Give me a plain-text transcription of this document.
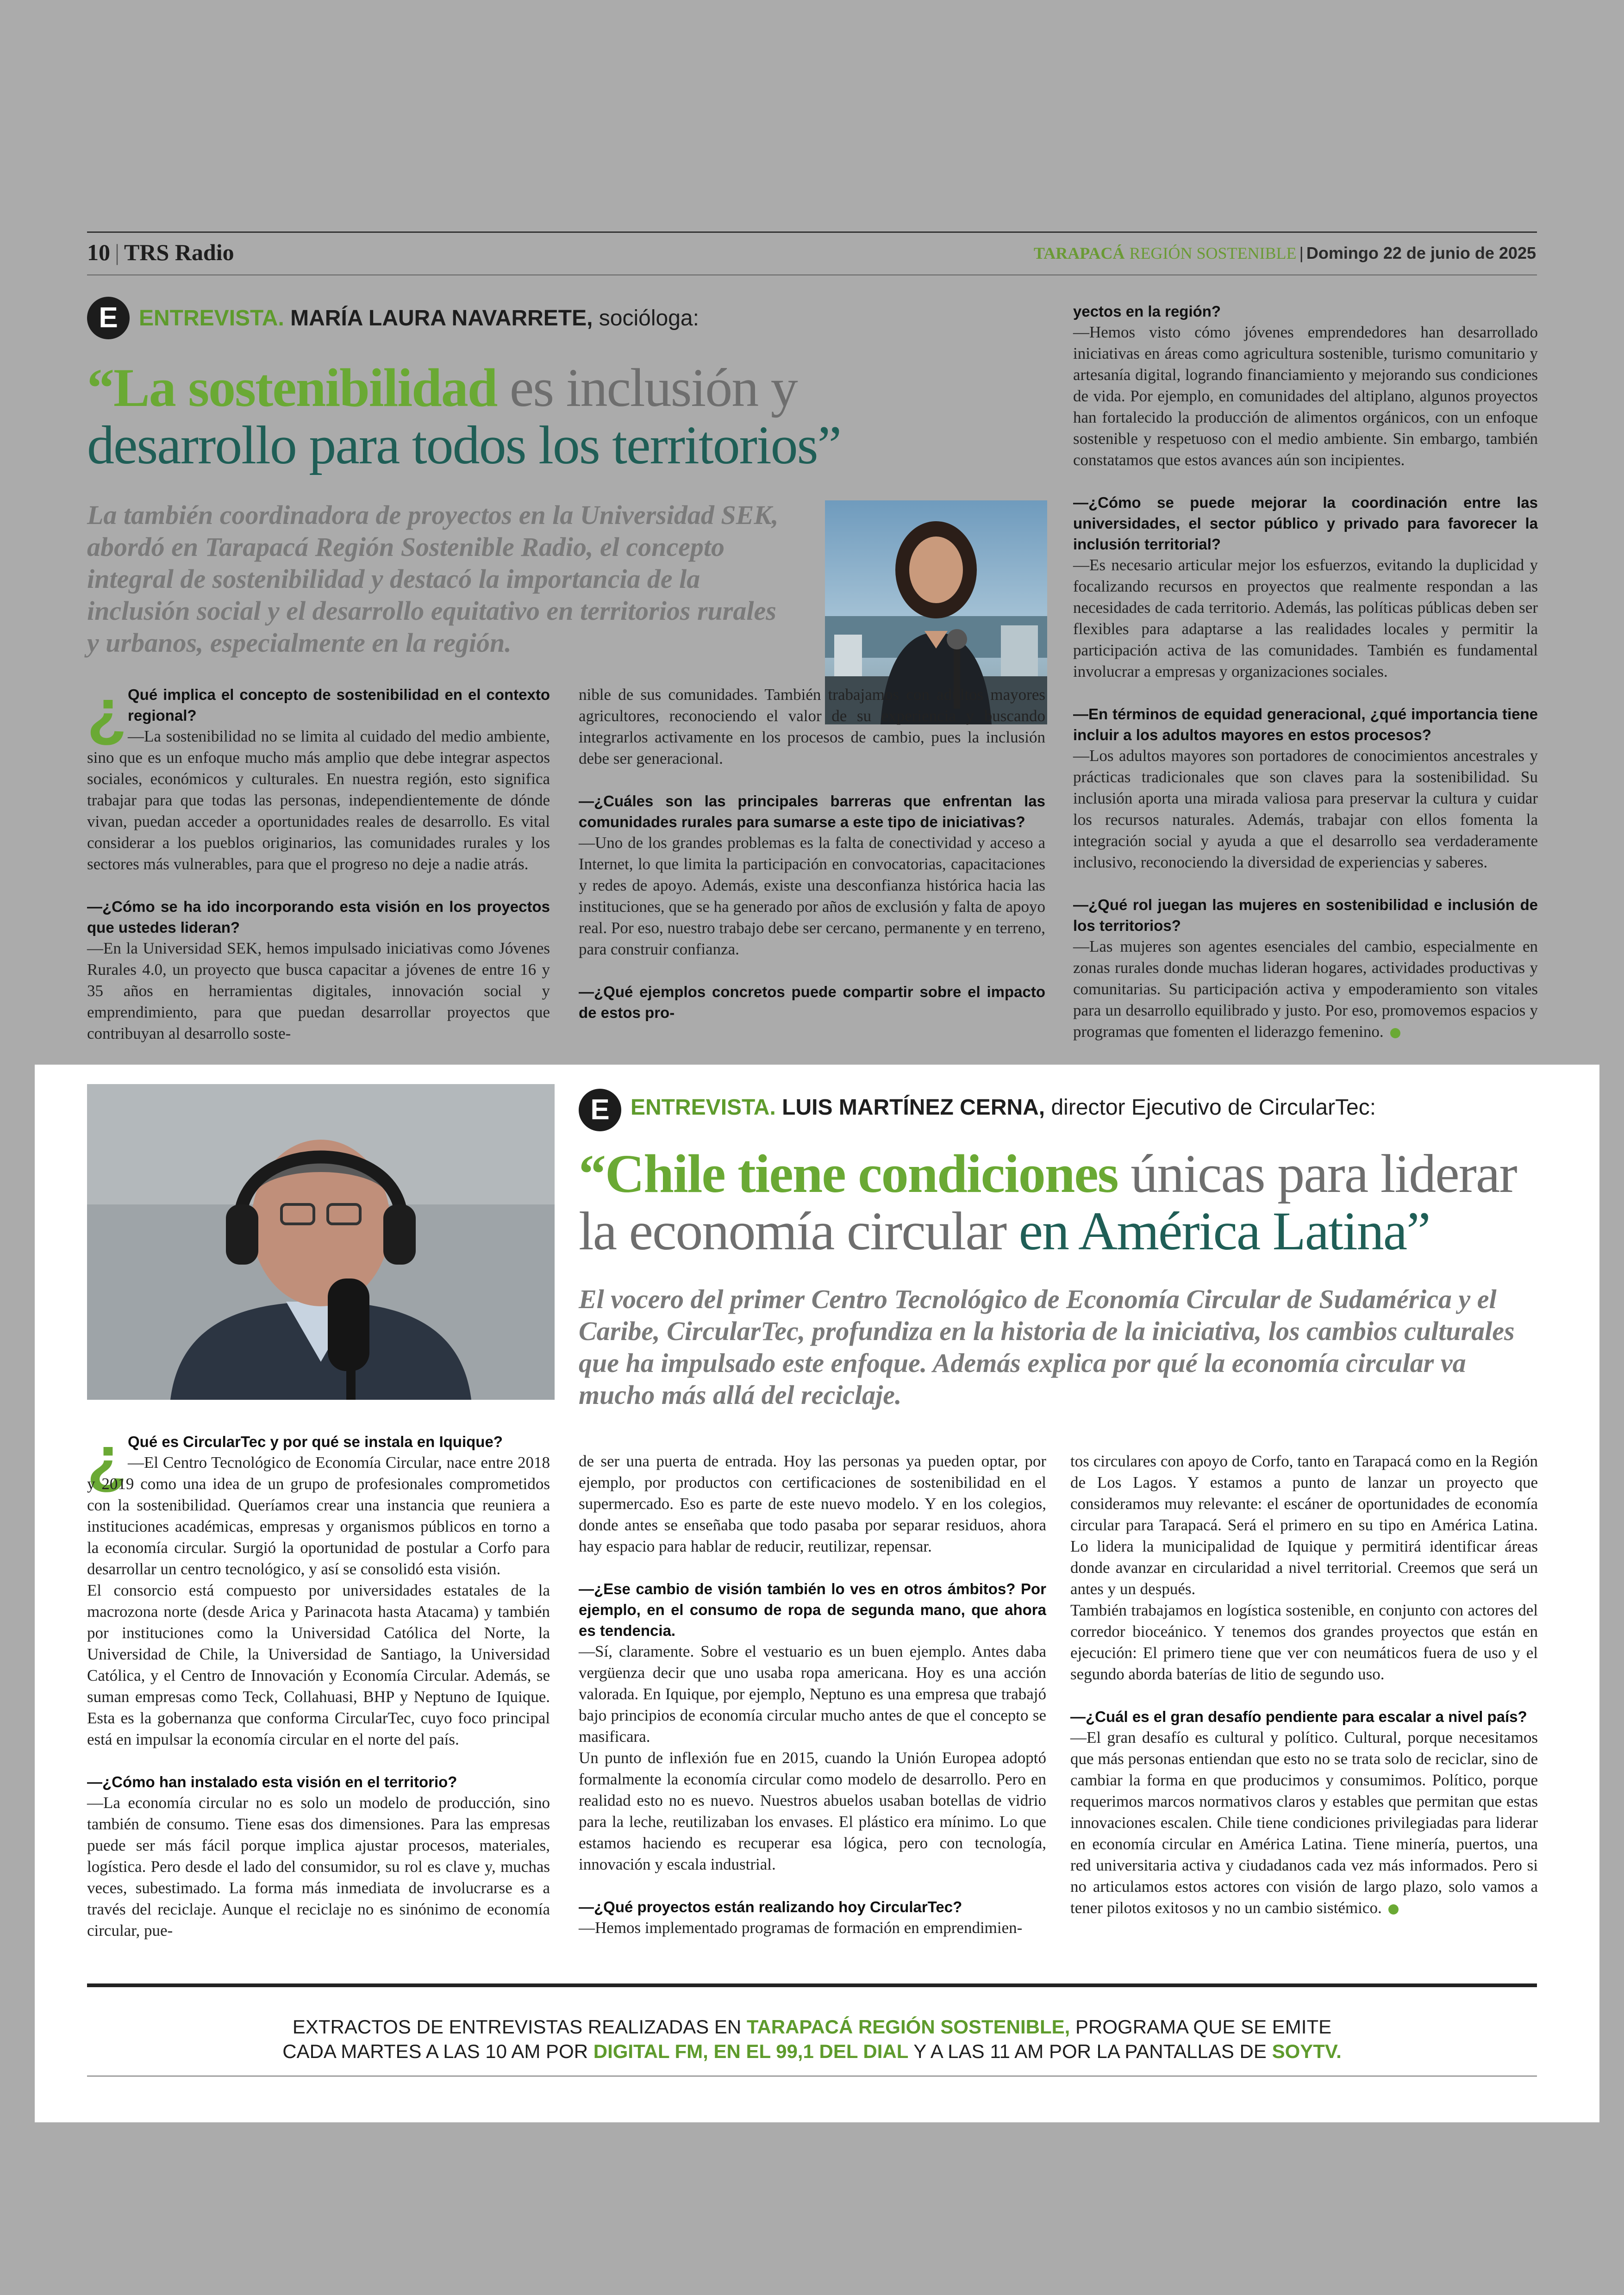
10 | TRS Radio	TARAPACÁ REGIÓN SOSTENIBLE | Domingo 22 de junio de 2025
E ENTREVISTA. MARÍA LAURA NAVARRETE, socióloga:
“La sostenibilidad es inclusión y
desarrollo para todos los territorios”
La también coordinadora de proyectos en la Universidad SEK, abordó en Tarapacá Región Sostenible Radio, el concepto integral de sostenibilidad y destacó la importancia de la inclusión social y el desarrollo equitativo en territorios rurales y urbanos, especialmente en la región.
¿ Qué implica el concepto de sostenibilidad en el contexto regional?

—La sostenibilidad no se limita al cuidado del medio ambiente, sino que es un enfoque mucho más amplio que debe integrar aspectos sociales, económicos y culturales. En nuestra región, esto significa trabajar para que todas las personas, independientemente de dónde vivan, puedan acceder a oportunidades reales de desarrollo. Es vital considerar a los pueblos originarios, las comunidades rurales y los sectores más vulnerables, para que el progreso no deje a nadie atrás.

—¿Cómo se ha ido incorporando esta visión en los proyectos que ustedes lideran?

—En la Universidad SEK, hemos impulsado iniciativas como Jóvenes Rurales 4.0, un proyecto que busca capacitar a jóvenes de entre 16 y 35 años en herramientas digitales, innovación social y emprendimiento, para que puedan desarrollar proyectos que contribuyan al desarrollo soste-

nible de sus comunidades. También trabajamos con adultos mayores agricultores, reconociendo el valor de su experiencia y buscando integrarlos activamente en los procesos de cambio, pues la inclusión debe ser generacional.

—¿Cuáles son las principales barreras que enfrentan las comunidades rurales para sumarse a este tipo de iniciativas?

—Uno de los grandes problemas es la falta de conectividad y acceso a Internet, lo que limita la participación en convocatorias, capacitaciones y redes de apoyo. Además, existe una desconfianza histórica hacia las instituciones, que se ha generado por años de exclusión y falta de apoyo real. Por eso, nuestro trabajo debe ser cercano, permanente y en terreno, para construir confianza.

—¿Qué ejemplos concretos puede compartir sobre el impacto de estos pro-

yectos en la región?

—Hemos visto cómo jóvenes emprendedores han desarrollado iniciativas en áreas como agricultura sostenible, turismo comunitario y artesanía digital, logrando financiamiento y mejorando sus condiciones de vida. Por ejemplo, en comunidades del altiplano, algunos proyectos han fortalecido la producción de alimentos orgánicos, con un enfoque sostenible y respetuoso con el medio ambiente. Sin embargo, también constatamos que estos avances aún son incipientes.

—¿Cómo se puede mejorar la coordinación entre las universidades, el sector público y privado para favorecer la inclusión territorial?

—Es necesario articular mejor los esfuerzos, evitando la duplicidad y focalizando recursos en proyectos que realmente respondan a las necesidades de cada territorio. Además, las políticas públicas deben ser flexibles para adaptarse a las realidades locales y permitir la participación activa de las comunidades. También es fundamental involucrar a empresas y organizaciones sociales.

—En términos de equidad generacional, ¿qué importancia tiene incluir a los adultos mayores en estos procesos?

—Los adultos mayores son portadores de conocimientos ancestrales y prácticas tradicionales que son claves para la sostenibilidad. Su inclusión aporta una mirada valiosa para preservar la cultura y cuidar los recursos naturales. Además, trabajar con ellos fomenta la integración social y ayuda a que el desarrollo sea verdaderamente inclusivo, reconociendo la diversidad de experiencias y saberes.

—¿Qué rol juegan las mujeres en sostenibilidad e inclusión de los territorios?

—Las mujeres son agentes esenciales del cambio, especialmente en zonas rurales donde muchas lideran hogares, actividades productivas y comunitarias. Su participación activa y empoderamiento son vitales para un desarrollo equilibrado y justo. Por eso, promovemos espacios y programas que fomenten el liderazgo femenino.

E ENTREVISTA. LUIS MARTÍNEZ CERNA, director Ejecutivo de CircularTec:
“Chile tiene condiciones únicas para liderar
la economía circular en América Latina”
El vocero del primer Centro Tecnológico de Economía Circular de Sudamérica y el Caribe, CircularTec, profundiza en la historia de la iniciativa, los cambios culturales que ha impulsado este enfoque. Además explica por qué la economía circular va mucho más allá del reciclaje.
¿ Qué es CircularTec y por qué se instala en Iquique?

—El Centro Tecnológico de Economía Circular, nace entre 2018 y 2019 como una idea de un grupo de profesionales comprometidos con la sostenibilidad. Queríamos crear una instancia que reuniera a instituciones académicas, empresas y organismos públicos en torno a la economía circular. Surgió la oportunidad de postular a Corfo para desarrollar un centro tecnológico, y así se consolidó esta visión.

El consorcio está compuesto por universidades estatales de la macrozona norte (desde Arica y Parinacota hasta Atacama) y también por instituciones como la Universidad Católica del Norte, la Universidad de Chile, la Universidad de Santiago, la Universidad Católica, y el Centro de Innovación y Economía Circular. Además, se suman empresas como Teck, Collahuasi, BHP y Neptuno de Iquique. Esta es la gobernanza que conforma CircularTec, cuyo foco principal está en impulsar la economía circular en el norte del país.

—¿Cómo han instalado esta visión en el territorio?

—La economía circular no es solo un modelo de producción, sino también de consumo. Tiene esas dos dimensiones. Para las empresas puede ser más fácil porque implica ajustar procesos, materiales, logística. Pero desde el lado del consumidor, su rol es clave y, muchas veces, subestimado. La forma más inmediata de involucrarse es a través del reciclaje. Aunque el reciclaje no es sinónimo de economía circular, pue-

de ser una puerta de entrada. Hoy las personas ya pueden optar, por ejemplo, por productos con certificaciones de sostenibilidad en el supermercado. Eso es parte de este nuevo modelo. Y en los colegios, donde antes se enseñaba que todo pasaba por separar residuos, ahora hay espacio para hablar de reducir, reutilizar, repensar.

—¿Ese cambio de visión también lo ves en otros ámbitos? Por ejemplo, en el consumo de ropa de segunda mano, que ahora es tendencia.

—Sí, claramente. Sobre el vestuario es un buen ejemplo. Antes daba vergüenza decir que uno usaba ropa americana. Hoy es una acción valorada. En Iquique, por ejemplo, Neptuno es una empresa que trabajó bajo principios de economía circular mucho antes de que el concepto se masificara.

Un punto de inflexión fue en 2015, cuando la Unión Europea adoptó formalmente la economía circular como modelo de desarrollo. Pero en realidad esto no es nuevo. Nuestros abuelos usaban botellas de vidrio para la leche, reutilizaban los envases. El plástico era mínimo. Lo que estamos haciendo es recuperar esa lógica, pero con tecnología, innovación y escala industrial.

—¿Qué proyectos están realizando hoy CircularTec?

—Hemos implementado programas de formación en emprendimien-

tos circulares con apoyo de Corfo, tanto en Tarapacá como en la Región de Los Lagos. Y estamos a punto de lanzar un proyecto que consideramos muy relevante: el escáner de oportunidades de economía circular para Tarapacá. Será el primero en su tipo en América Latina. Lo lidera la municipalidad de Iquique y permitirá identificar áreas donde avanzar en circularidad a nivel territorial. Creemos que será un antes y un después.

También trabajamos en logística sostenible, en conjunto con actores del corredor bioceánico. Y tenemos dos grandes proyectos que están en ejecución: El primero tiene que ver con neumáticos fuera de uso y el segundo aborda baterías de litio de segundo uso.

—¿Cuál es el gran desafío pendiente para escalar a nivel país?

—El gran desafío es cultural y político. Cultural, porque necesitamos que más personas entiendan que esto no se trata solo de reciclar, sino de cambiar la forma en que producimos y consumimos. Político, porque requerimos marcos normativos claros y estables que permitan que estas innovaciones escalen. Chile tiene condiciones privilegiadas para liderar en economía circular en América Latina. Tiene minería, puertos, una red universitaria activa y ciudadanos cada vez más informados. Pero si no articulamos estos actores con visión de largo plazo, solo vamos a tener pilotos exitosos y no un cambio sistémico.

EXTRACTOS DE ENTREVISTAS REALIZADAS EN TARAPACÁ REGIÓN SOSTENIBLE, PROGRAMA QUE SE EMITE
CADA MARTES A LAS 10 AM POR DIGITAL FM, EN EL 99,1 DEL DIAL Y A LAS 11 AM POR LA PANTALLAS DE SOYTV.
